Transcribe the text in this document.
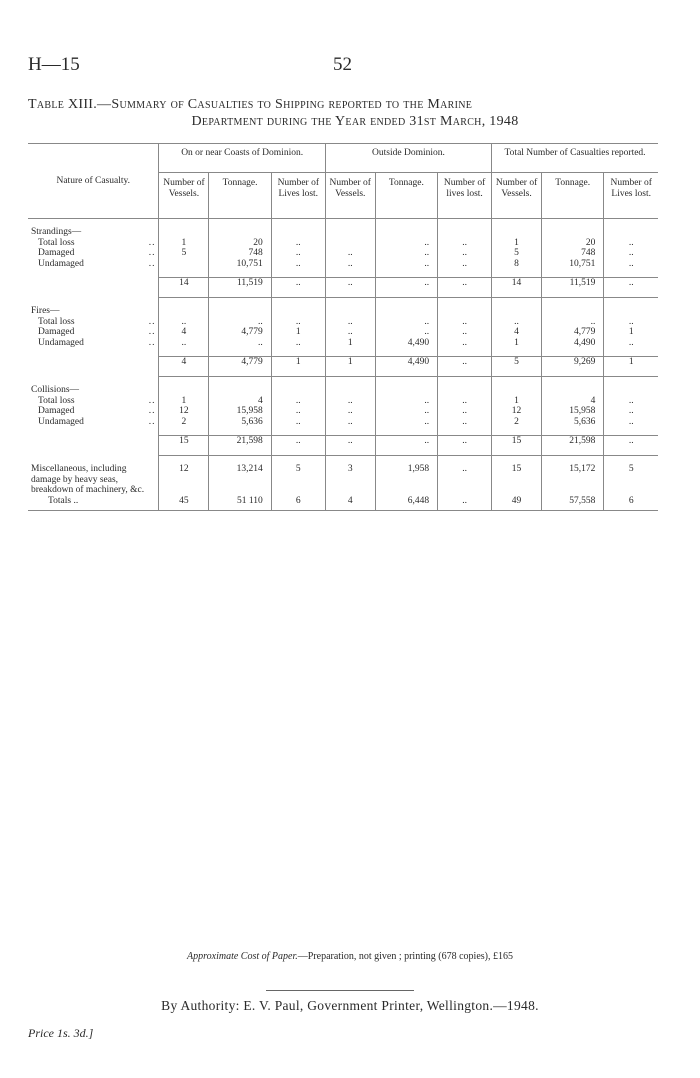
H—15	52
Table XIII.—Summary of Casualties to Shipping reported to the Marine
Department during the Year ended 31st March, 1948
Nature of Casualty.	On or near Coasts of Dominion.			Outside Dominion.			Total Number of Casualties reported.		
	Number of Vessels.	Tonnage.	Number of Lives lost.	Number of Vessels.	Tonnage.	Number of lives lost.	Number of Vessels.	Tonnage.	Number of Lives lost.

Strandings—									
Total loss ..	1	20	..		..	..	1	20	..
Damaged ..	5	748	..	..	..	..	5	748	..
Undamaged ..		10,751	..	..	..	..	8	10,751	..

	14	11,519	..	..	..	..	14	11,519	..

Fires—									
Total loss ..	..	..	..	..	..	..	..	..	..
Damaged ..	4	4,779	1	..	..	..	4	4,779	1
Undamaged ..	..	..	..	1	4,490	..	1	4,490	..

	4	4,779	1	1	4,490	..	5	9,269	1

Collisions—									
Total loss ..	1	4	..	..	..	..	1	4	..
Damaged ..	12	15,958	..	..	..	..	12	15,958	..
Undamaged ..	2	5,636	..	..	..	..	2	5,636	..

	15	21,598	..	..	..	..	15	21,598	..

Miscellaneous, including damage by heavy seas, breakdown of machinery, &c.	12	13,214	5	3	1,958	..	15	15,172	5
Totals ..	45	51 110	6	4	6,448	..	49	57,558	6
Approximate Cost of Paper.—Preparation, not given ; printing (678 copies), £165
By Authority: E. V. Paul, Government Printer, Wellington.—1948.
Price 1s. 3d.]
